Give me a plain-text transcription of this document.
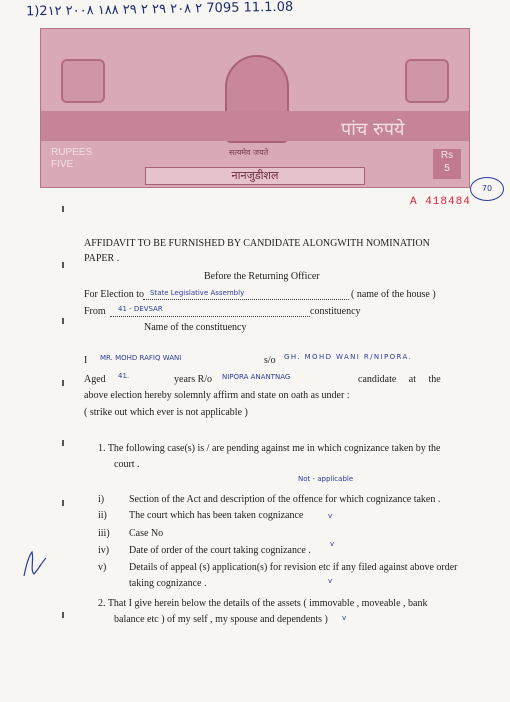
1)2۱۲ ۲۰۰۸ ۱۸۸ ۲۹ ۲ ۲۹ ۲۰۸ ۲ 7095 11.1.08
पांच रुपये
RUPEES
FIVE
Rs
5
सत्यमेव जयते
नानजुडीशल
A 418484
70
AFFIDAVIT TO BE FURNISHED BY CANDIDATE ALONGWITH NOMINATION
PAPER .
Before the Returning Officer
For Election to State Legislative Assembly	( name of the house )
From 41 - DEVSAR	constituency
Name of the constituency
I MR. MOHD RAFIQ WANI	s/o GH. MOHD WANI R/NIPORA.
Aged 41.	years R/o NIPORA ANANTNAG	candidate at the
above election hereby solemnly affirm and state on oath as under :
( strike out which ever is not applicable )
1. The following case(s) is / are pending against me in which cognizance taken by the
court .
Not - applicable
i) Section of the Act and description of the offence for which cognizance taken .
ii) The court which has been taken cognizance	v
iii) Case No
iv) Date of order of the court taking cognizance .
v
v) Details of appeal (s) application(s) for revision etc if any filed against above order
taking cognizance .	v
2. That I give herein below the details of the assets ( immovable , moveable , bank
balance etc ) of my self , my spouse and dependents ) v
